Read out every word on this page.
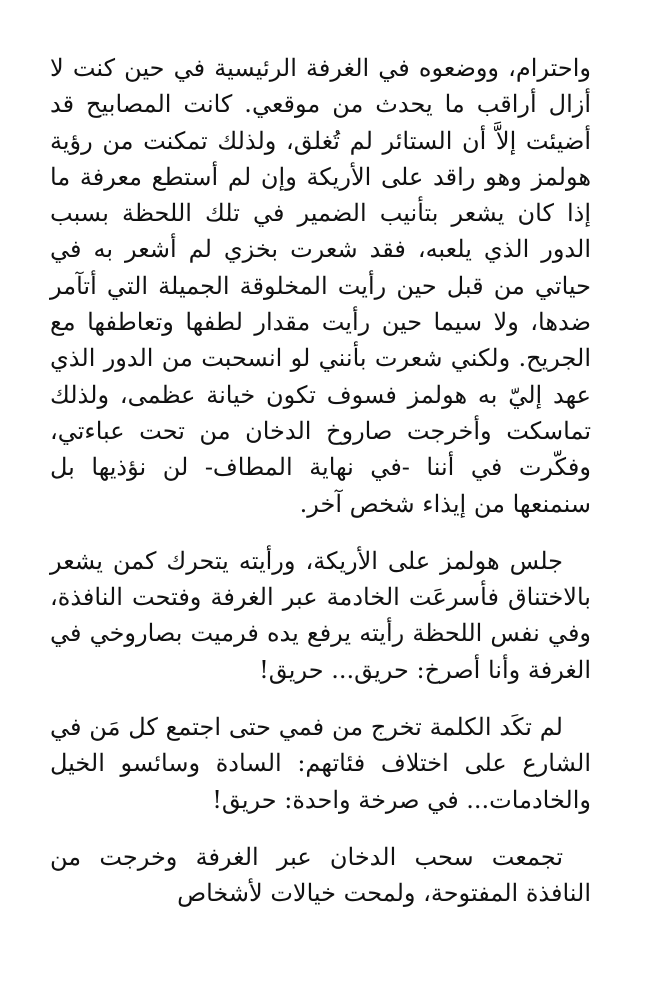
واحترام، ووضعوه في الغرفة الرئيسية في حين كنت لا أزال أراقب ما يحدث من موقعي. كانت المصابيح قد أضيئت إلاَّ أن الستائر لم تُغلق، ولذلك تمكنت من رؤية هولمز وهو راقد على الأريكة وإن لم أستطع معرفة ما إذا كان يشعر بتأنيب الضمير في تلك اللحظة بسبب الدور الذي يلعبه، فقد شعرت بخزي لم أشعر به في حياتي من قبل حين رأيت المخلوقة الجميلة التي أتآمر ضدها، ولا سيما حين رأيت مقدار لطفها وتعاطفها مع الجريح. ولكني شعرت بأنني لو انسحبت من الدور الذي عهد إليّ به هولمز فسوف تكون خيانة عظمى، ولذلك تماسكت وأخرجت صاروخ الدخان من تحت عباءتي، وفكّرت في أننا -في نهاية المطاف- لن نؤذيها بل سنمنعها من إيذاء شخص آخر.

جلس هولمز على الأريكة، ورأيته يتحرك كمن يشعر بالاختناق فأسرعَت الخادمة عبر الغرفة وفتحت النافذة، وفي نفس اللحظة رأيته يرفع يده فرميت بصاروخي في الغرفة وأنا أصرخ: حريق... حريق!

لم تكَد الكلمة تخرج من فمي حتى اجتمع كل مَن في الشارع على اختلاف فئاتهم: السادة وسائسو الخيل والخادمات... في صرخة واحدة: حريق!

تجمعت سحب الدخان عبر الغرفة وخرجت من النافذة المفتوحة، ولمحت خيالات لأشخاص
